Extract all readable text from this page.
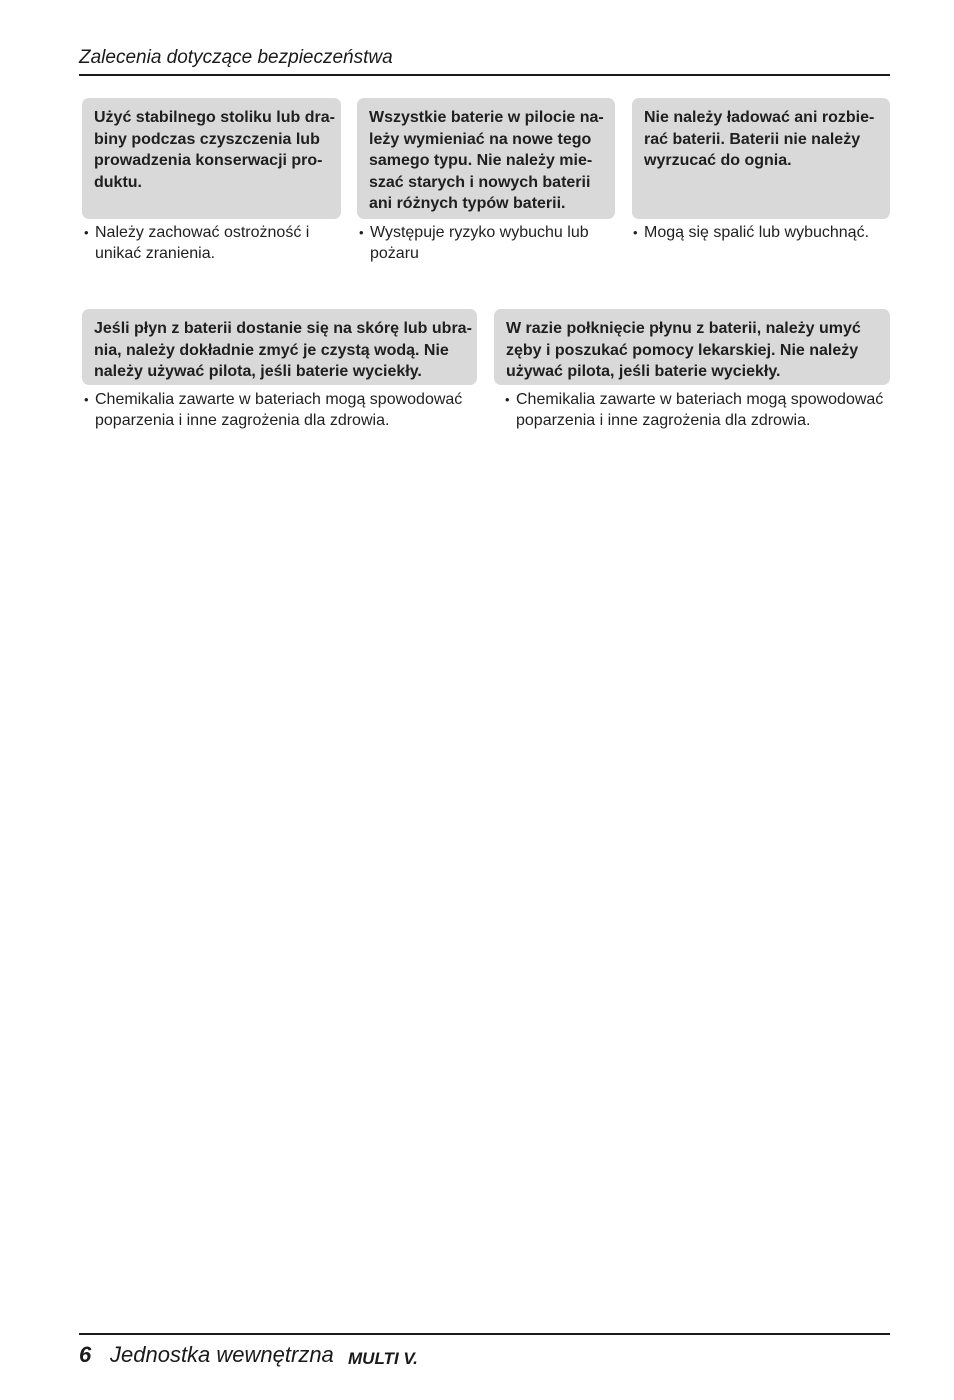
Zalecenia dotyczące bezpieczeństwa
Użyć stabilnego stoliku lub dra-
biny podczas czyszczenia lub
prowadzenia konserwacji pro-
duktu.
• Należy zachować ostrożność i
unikać zranienia.
Wszystkie baterie w pilocie na-
leży wymieniać na nowe tego
samego typu. Nie należy mie-
szać starych i nowych baterii
ani różnych typów baterii.
• Występuje ryzyko wybuchu lub
pożaru
Nie należy ładować ani rozbie-
rać baterii. Baterii nie należy
wyrzucać do ognia.
• Mogą się spalić lub wybuchnąć.
Jeśli płyn z baterii dostanie się na skórę lub ubra-
nia, należy dokładnie zmyć je czystą wodą. Nie
należy używać pilota, jeśli baterie wyciekły.
• Chemikalia zawarte w bateriach mogą spowodować
poparzenia i inne zagrożenia dla zdrowia.
W razie połknięcie płynu z baterii, należy umyć
zęby i poszukać pomocy lekarskiej. Nie należy
używać pilota, jeśli baterie wyciekły.
• Chemikalia zawarte w bateriach mogą spowodować
poparzenia i inne zagrożenia dla zdrowia.
6 Jednostka wewnętrzna MULTI V.
